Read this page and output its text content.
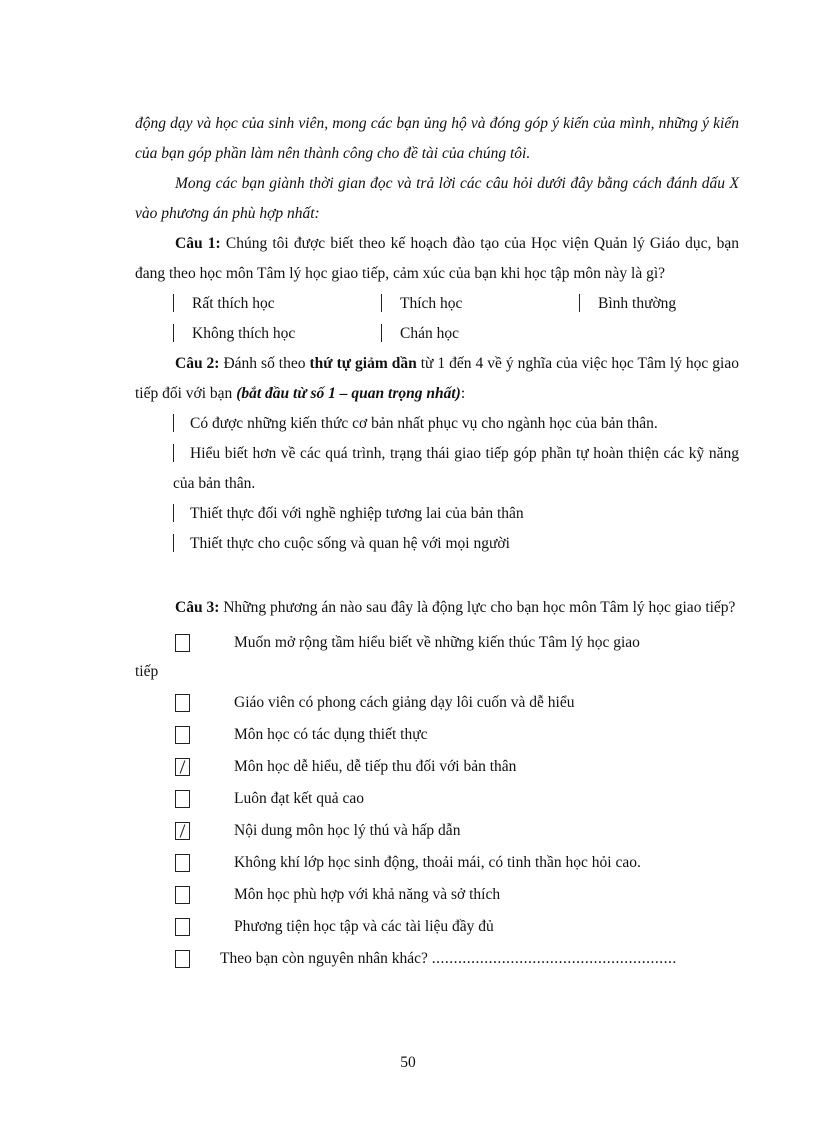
động dạy và học của sinh viên, mong các bạn ủng hộ và đóng góp ý kiến của mình, những ý kiến của bạn góp phần làm nên thành công cho đề tài của chúng tôi.

Mong các bạn giành thời gian đọc và trả lời các câu hỏi dưới đây bằng cách đánh dấu X vào phương án phù hợp nhất:

Câu 1: Chúng tôi được biết theo kế hoạch đào tạo của Học viện Quản lý Giáo dục, bạn đang theo học môn Tâm lý học giao tiếp, cảm xúc của bạn khi học tập môn này là gì?

Rất thích học	Thích học	Bình thường
Không thích học	Chán học

Câu 2: Đánh số theo thứ tự giảm dần từ 1 đến 4 về ý nghĩa của việc học Tâm lý học giao tiếp đối với bạn (bắt đầu từ số 1 – quan trọng nhất):

Có được những kiến thức cơ bản nhất phục vụ cho ngành học của bản thân.
Hiểu biết hơn về các quá trình, trạng thái giao tiếp góp phần tự hoàn thiện các kỹ năng của bản thân.
Thiết thực đối với nghề nghiệp tương lai của bản thân
Thiết thực cho cuộc sống và quan hệ với mọi người

Câu 3: Những phương án nào sau đây là động lực cho bạn học môn Tâm lý học giao tiếp?

Muốn mở rộng tầm hiểu biết về những kiến thúc Tâm lý học giao
tiếp
Giáo viên có phong cách giảng dạy lôi cuốn và dễ hiểu
Môn học có tác dụng thiết thực
Môn học dễ hiểu, dễ tiếp thu đối với bản thân
Luôn đạt kết quả cao
Nội dung môn học lý thú và hấp dẫn
Không khí lớp học sinh động, thoải mái, có tinh thần học hỏi cao.
Môn học phù hợp với khả năng và sở thích
Phương tiện học tập và các tài liệu đầy đủ
Theo bạn còn nguyên nhân khác? ........................................................
50
